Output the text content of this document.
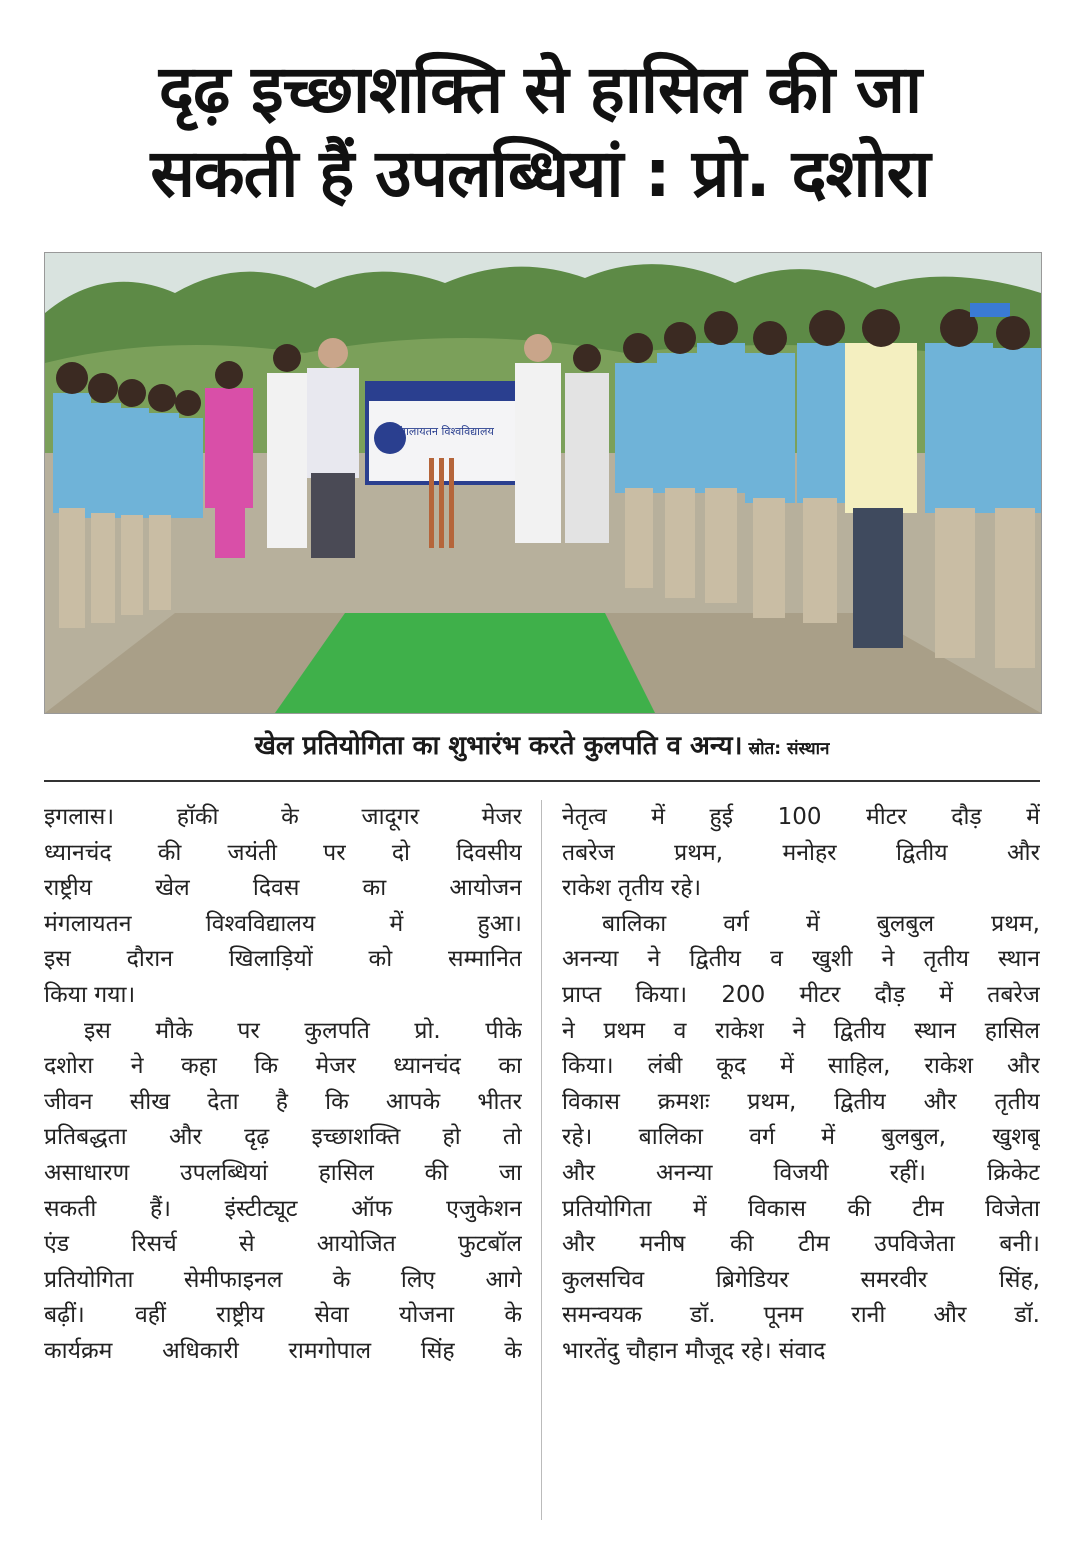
दृढ़ इच्छाशक्ति से हासिल की जा
सकती हैं उपलब्धियां : प्रो. दशोरा
मंगलायतन विश्वविद्यालय
खेल प्रतियोगिता का शुभारंभ करते कुलपति व अन्य। स्रोत: संस्थान
इगलास। हॉकी के जादूगर मेजर
ध्यानचंद की जयंती पर दो दिवसीय
राष्ट्रीय खेल दिवस का आयोजन
मंगलायतन विश्वविद्यालय में हुआ।
इस दौरान खिलाड़ियों को सम्मानित
किया गया।
इस मौके पर कुलपति प्रो. पीके
दशोरा ने कहा कि मेजर ध्यानचंद का
जीवन सीख देता है कि आपके भीतर
प्रतिबद्धता और दृढ़ इच्छाशक्ति हो तो
असाधारण उपलब्धियां हासिल की जा
सकती हैं। इंस्टीट्यूट ऑफ एजुकेशन
एंड रिसर्च से आयोजित फुटबॉल
प्रतियोगिता सेमीफाइनल के लिए आगे
बढ़ीं। वहीं राष्ट्रीय सेवा योजना के
कार्यक्रम अधिकारी रामगोपाल सिंह के
नेतृत्व में हुई 100 मीटर दौड़ में
तबरेज प्रथम, मनोहर द्वितीय और
राकेश तृतीय रहे।
बालिका वर्ग में बुलबुल प्रथम,
अनन्या ने द्वितीय व खुशी ने तृतीय स्थान
प्राप्त किया। 200 मीटर दौड़ में तबरेज
ने प्रथम व राकेश ने द्वितीय स्थान हासिल
किया। लंबी कूद में साहिल, राकेश और
विकास क्रमशः प्रथम, द्वितीय और तृतीय
रहे। बालिका वर्ग में बुलबुल, खुशबू
और अनन्या विजयी रहीं। क्रिकेट
प्रतियोगिता में विकास की टीम विजेता
और मनीष की टीम उपविजेता बनी।
कुलसचिव ब्रिगेडियर समरवीर सिंह,
समन्वयक डॉ. पूनम रानी और डॉ.
भारतेंदु चौहान मौजूद रहे। संवाद
